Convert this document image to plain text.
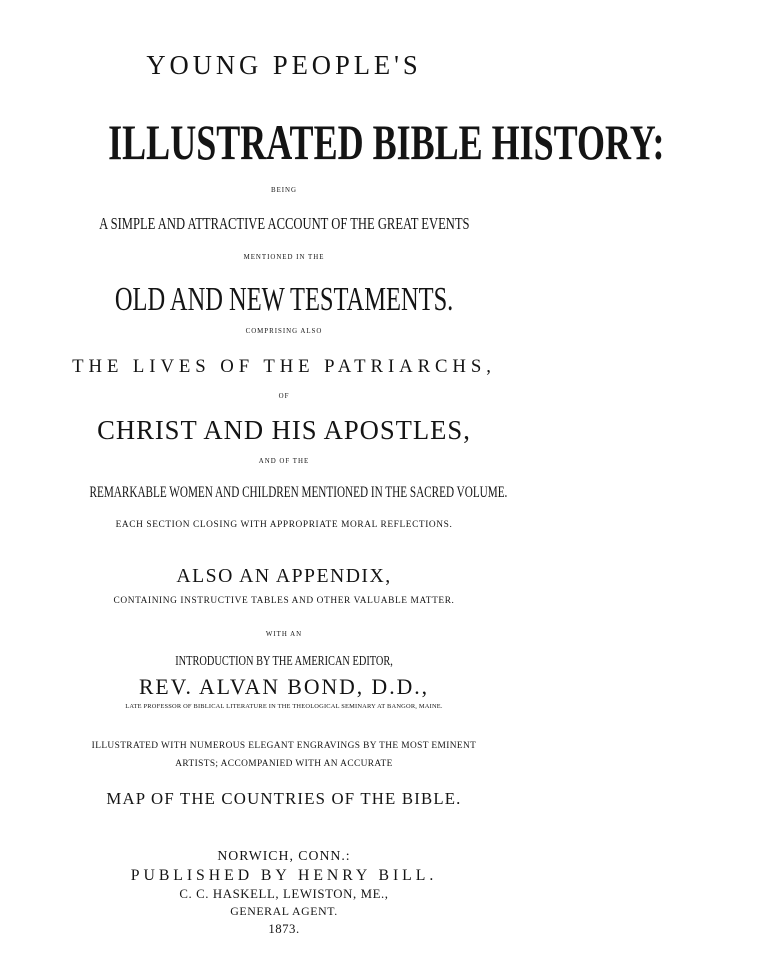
YOUNG PEOPLE'S
ILLUSTRATED BIBLE HISTORY:
BEING
A SIMPLE AND ATTRACTIVE ACCOUNT OF THE GREAT EVENTS
MENTIONED IN THE
OLD AND NEW TESTAMENTS.
COMPRISING ALSO
THE LIVES OF THE PATRIARCHS,
OF
CHRIST AND HIS APOSTLES,
AND OF THE
REMARKABLE WOMEN AND CHILDREN MENTIONED IN THE SACRED VOLUME.
EACH SECTION CLOSING WITH APPROPRIATE MORAL REFLECTIONS.
ALSO AN APPENDIX,
CONTAINING INSTRUCTIVE TABLES AND OTHER VALUABLE MATTER.
WITH AN
INTRODUCTION BY THE AMERICAN EDITOR,
REV. ALVAN BOND, D.D.,
LATE PROFESSOR OF BIBLICAL LITERATURE IN THE THEOLOGICAL SEMINARY AT BANGOR, MAINE.
ILLUSTRATED WITH NUMEROUS ELEGANT ENGRAVINGS BY THE MOST EMINENT
ARTISTS; ACCOMPANIED WITH AN ACCURATE
MAP OF THE COUNTRIES OF THE BIBLE.
NORWICH, CONN.:
PUBLISHED BY HENRY BILL.
C. C. HASKELL, LEWISTON, ME.,
GENERAL AGENT.
1873.
